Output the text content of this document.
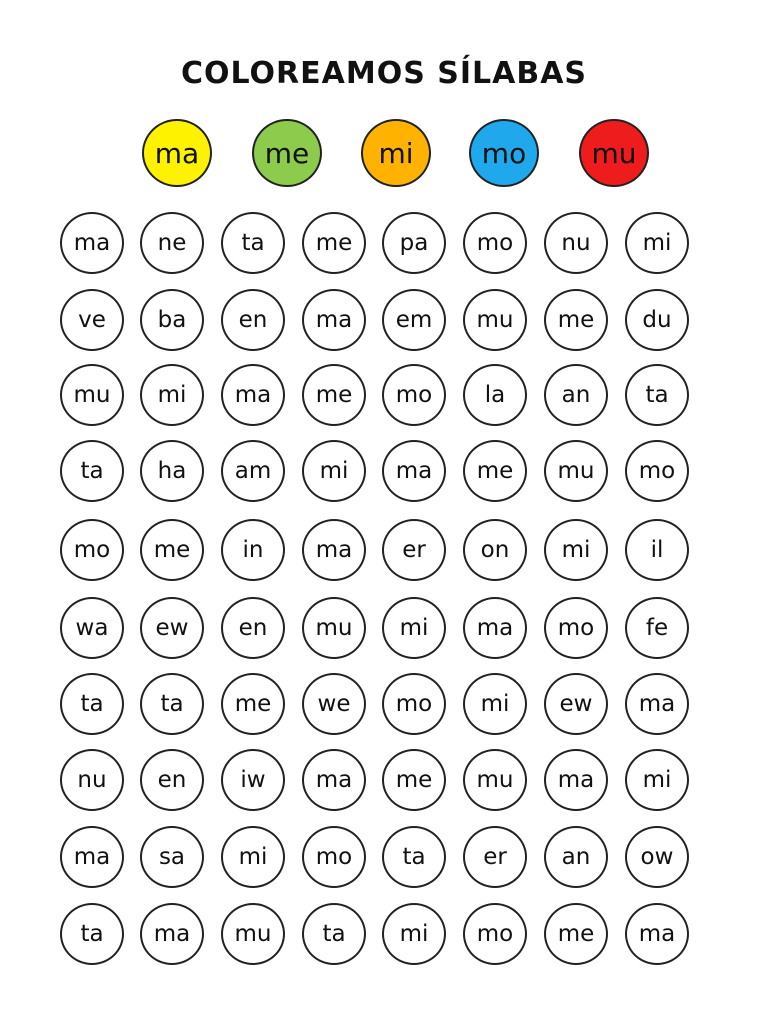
COLOREAMOS SÍLABAS
ma	me	mi	mo	mu
ma	ne	ta	me	pa	mo	nu	mi
ve	ba	en	ma	em	mu	me	du
mu	mi	ma	me	mo	la	an	ta
ta	ha	am	mi	ma	me	mu	mo
mo	me	in	ma	er	on	mi	il
wa	ew	en	mu	mi	ma	mo	fe
ta	ta	me	we	mo	mi	ew	ma
nu	en	iw	ma	me	mu	ma	mi
ma	sa	mi	mo	ta	er	an	ow
ta	ma	mu	ta	mi	mo	me	ma
